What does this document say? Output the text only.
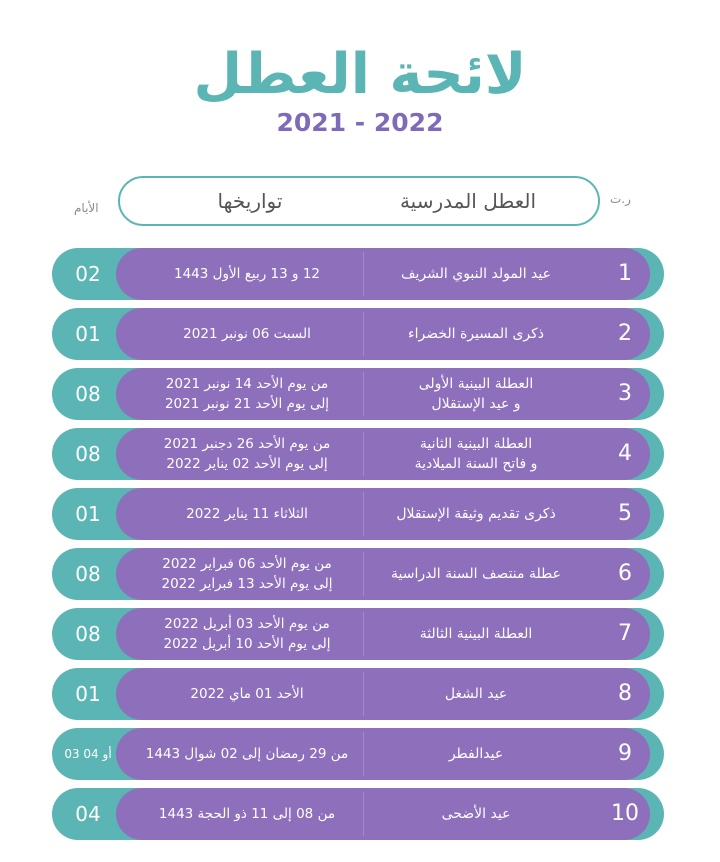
لائحة العطل
2021 - 2022
ر.ت
الأيام	العطل المدرسية
تواريخها
1
عيد المولد النبوي الشريف
12 و 13 ربيع الأول 1443
02
2
ذكرى المسيرة الخضراء
السبت 06 نونبر 2021
01
3
العطلة البينية الأولى
و عيد الإستقلال
من يوم الأحد 14 نونبر 2021
إلى يوم الأحد 21 نونبر 2021
08
4
العطلة البينية الثانية
و فاتح السنة الميلادية
من يوم الأحد 26 دجنبر 2021
إلى يوم الأحد 02 يناير 2022
08
5
ذكرى تقديم وثيقة الإستقلال
الثلاثاء 11 يناير 2022
01
6
عطلة منتصف السنة الدراسية
من يوم الأحد 06 فبراير 2022
إلى يوم الأحد 13 فبراير 2022
08
7
العطلة البينية الثالثة
من يوم الأحد 03 أبريل 2022
إلى يوم الأحد 10 أبريل 2022
08
8
عيد الشغل
الأحد 01 ماي 2022
01
9
عيدالفطر
من 29 رمضان إلى 02 شوال 1443
03 أو 04
10
عيد الأضحى
من 08 إلى 11 ذو الحجة 1443
04
